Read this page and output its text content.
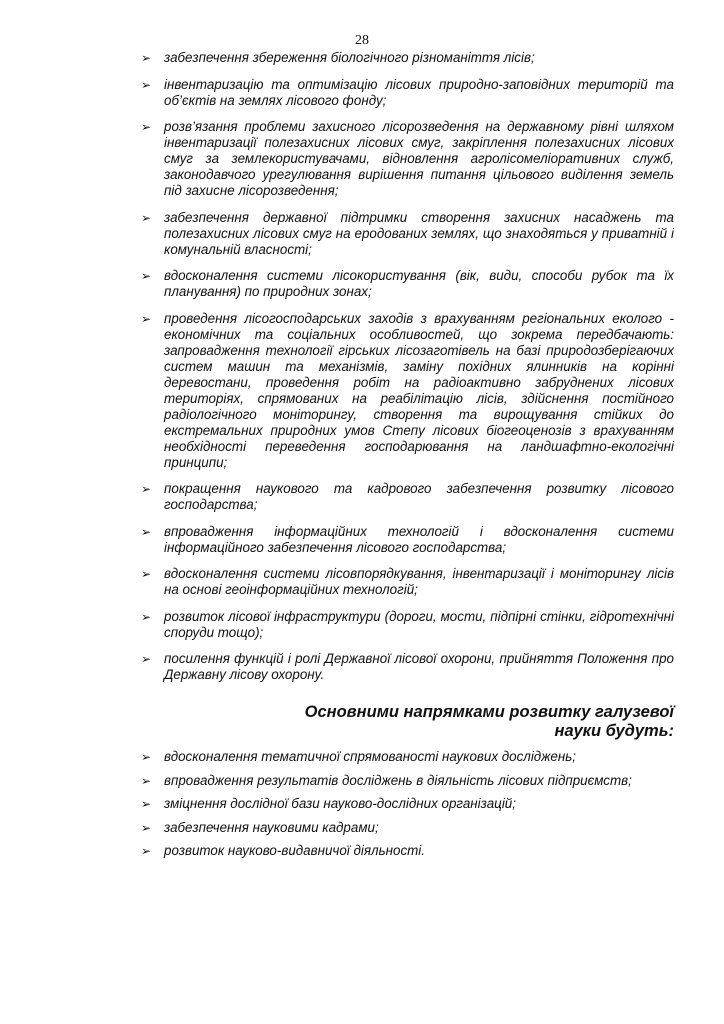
28
➢ забезпечення збереження біологічного різноманіття лісів;
➢ інвентаризацію та оптимізацію лісових природно-заповідних територій та об’єктів на землях лісового фонду;
➢ розв’язання проблеми захисного лісорозведення на державному рівні шляхом інвентаризації полезахисних лісових смуг, закріплення полезахисних лісових смуг за землекористувачами, відновлення агролісомеліоративних служб, законодавчого урегулювання вирішення питання цільового виділення земель під захисне лісорозведення;
➢ забезпечення державної підтримки створення захисних насаджень та полезахисних лісових смуг на еродованих землях, що знаходяться у приватній і комунальній власності;
➢ вдосконалення системи лісокористування (вік, види, способи рубок та їх планування) по природних зонах;
➢ проведення лісогосподарських заходів з врахуванням регіональних еколого - економічних та соціальних особливостей, що зокрема передбачають: запровадження технології гірських лісозаготівель на базі природозберігаючих систем машин та механізмів, заміну похідних ялинників на корінні деревостани, проведення робіт на радіоактивно забруднених лісових територіях, спрямованих на реабілітацію лісів, здійснення постійного радіологічного моніторингу, створення та вирощування стійких до екстремальних природних умов Степу лісових біогеоценозів з врахуванням необхідності переведення господарювання на ландшафтно-екологічні принципи;
➢ покращення наукового та кадрового забезпечення розвитку лісового господарства;
➢ впровадження інформаційних технологій і вдосконалення системи інформаційного забезпечення лісового господарства;
➢ вдосконалення системи лісовпорядкування, інвентаризації і моніторингу лісів на основі геоінформаційних технологій;
➢ розвиток лісової інфраструктури (дороги, мости, підпірні стінки, гідротехнічні споруди тощо);
➢ посилення функцій і ролі Державної лісової охорони, прийняття Положення про Державну лісову охорону.
Основними напрямками розвитку галузевої науки будуть:
➢ вдосконалення тематичної спрямованості наукових досліджень;
➢ впровадження результатів досліджень в діяльність лісових підприємств;
➢ зміцнення дослідної бази науково-дослідних організацій;
➢ забезпечення науковими кадрами;
➢ розвиток науково-видавничої діяльності.
